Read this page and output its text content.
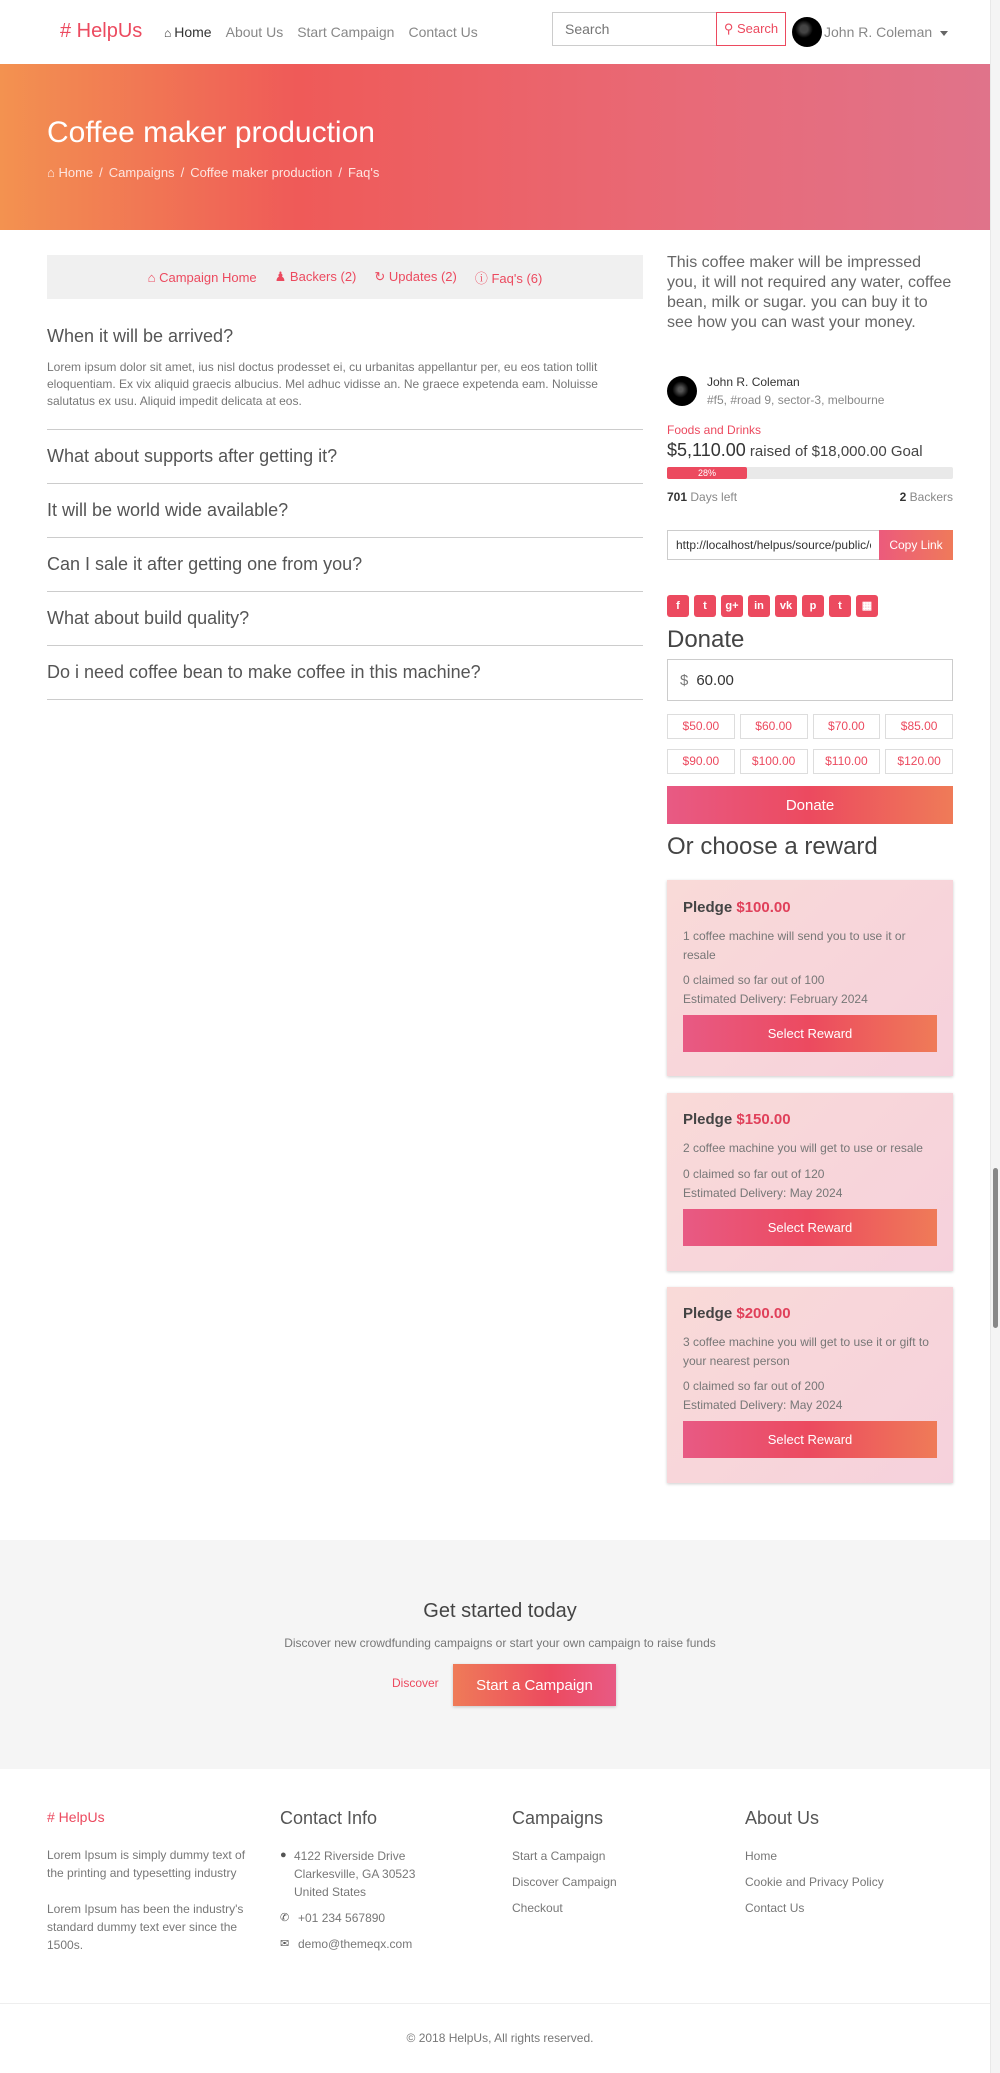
# HelpUs ⌂ Home About Us Start Campaign Contact Us
Search	⚲ Search	John R. Coleman
Coffee maker production
⌂ Home / Campaigns / Coffee maker production / Faq's
⌂ Campaign Home ♟ Backers (2) ↻ Updates (2) ⓘ Faq's (6)
When it will be arrived?
Lorem ipsum dolor sit amet, ius nisl doctus prodesset ei, cu urbanitas appellantur per, eu eos tation tollit eloquentiam. Ex vix aliquid graecis albucius. Mel adhuc vidisse an. Ne graece expetenda eam. Noluisse salutatus ex usu. Aliquid impedit delicata at eos.
What about supports after getting it?
It will be world wide available?
Can I sale it after getting one from you?
What about build quality?
Do i need coffee bean to make coffee in this machine?
This coffee maker will be impressed you, it will not required any water, coffee bean, milk or sugar. you can buy it to see how you can wast your money.
John R. Coleman
#f5, #road 9, sector-3, melbourne
Foods and Drinks
$5,110.00 raised of $18,000.00 Goal
28%
701 Days left	2 Backers
http://localhost/helpus/source/public/campaign/coffee-maker-production
Copy Link
f	t	g+	in	vk	p	t	▦
Donate
$ 60.00
$50.00	$60.00	$70.00	$85.00
$90.00	$100.00	$110.00	$120.00
Donate
Or choose a reward
Pledge $100.00
1 coffee machine will send you to use it or resale
0 claimed so far out of 100
Estimated Delivery: February 2024
Select Reward
Pledge $150.00
2 coffee machine you will get to use or resale
0 claimed so far out of 120
Estimated Delivery: May 2024
Select Reward
Pledge $200.00
3 coffee machine you will get to use it or gift to your nearest person
0 claimed so far out of 200
Estimated Delivery: May 2024
Select Reward
Get started today
Discover new crowdfunding campaigns or start your own campaign to raise funds
Discover	Start a Campaign
# HelpUs
Lorem Ipsum is simply dummy text of the printing and typesetting industry
Lorem Ipsum has been the industry's standard dummy text ever since the 1500s.
Contact Info
● 4122 Riverside Drive
Clarkesville, GA 30523
United States
✆ +01 234 567890
✉ demo@themeqx.com
Campaigns
Start a Campaign
Discover Campaign
Checkout
About Us
Home
Cookie and Privacy Policy
Contact Us
© 2018 HelpUs, All rights reserved.
